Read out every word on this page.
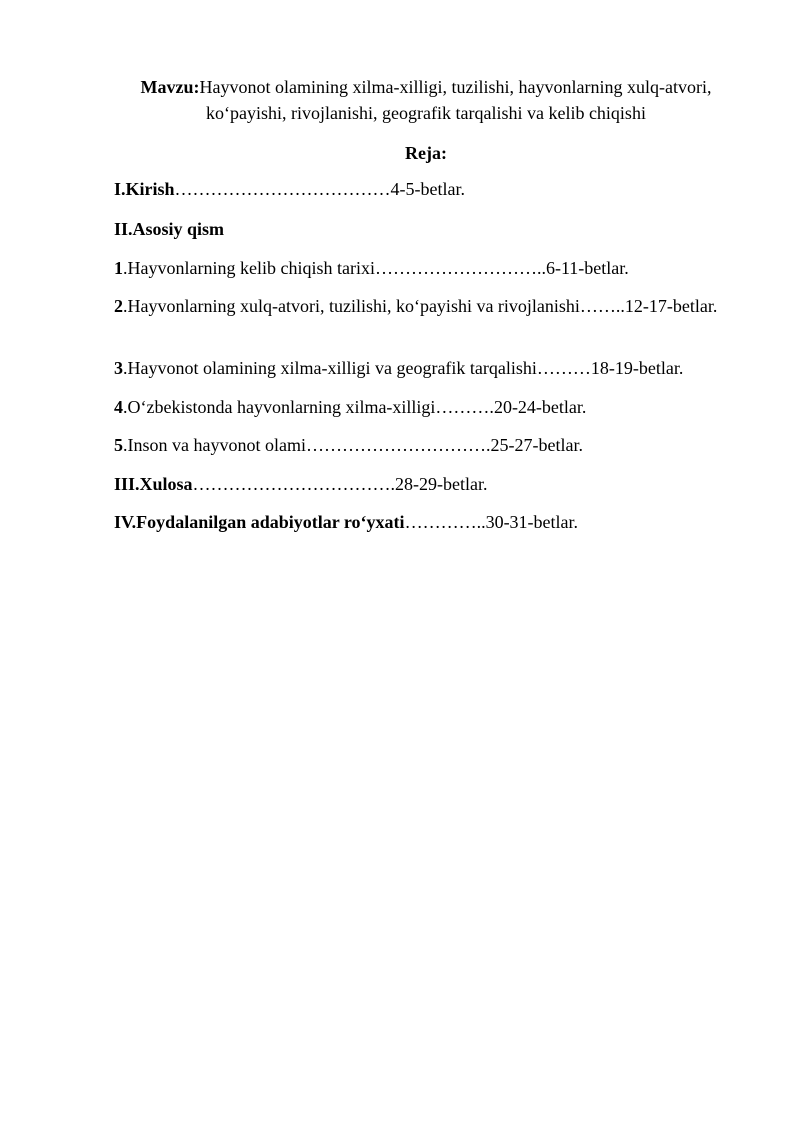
Mavzu:Hayvonot olamining xilma-xilligi, tuzilishi, hayvonlarning xulq-atvori, ko‘payishi, rivojlanishi, geografik tarqalishi va kelib chiqishi
Reja:
I.Kirish………………………………4-5-betlar.
II.Asosiy qism
1.Hayvonlarning kelib chiqish tarixi………………………..6-11-betlar.
2.Hayvonlarning xulq-atvori, tuzilishi, ko‘payishi va rivojlanishi……..12-17-betlar.
3.Hayvonot olamining xilma-xilligi va geografik tarqalishi………18-19-betlar.
4.O‘zbekistonda hayvonlarning xilma-xilligi……….20-24-betlar.
5.Inson va hayvonot olami………………………….25-27-betlar.
III.Xulosa…………………………….28-29-betlar.
IV.Foydalanilgan adabiyotlar ro‘yxati…………..30-31-betlar.
